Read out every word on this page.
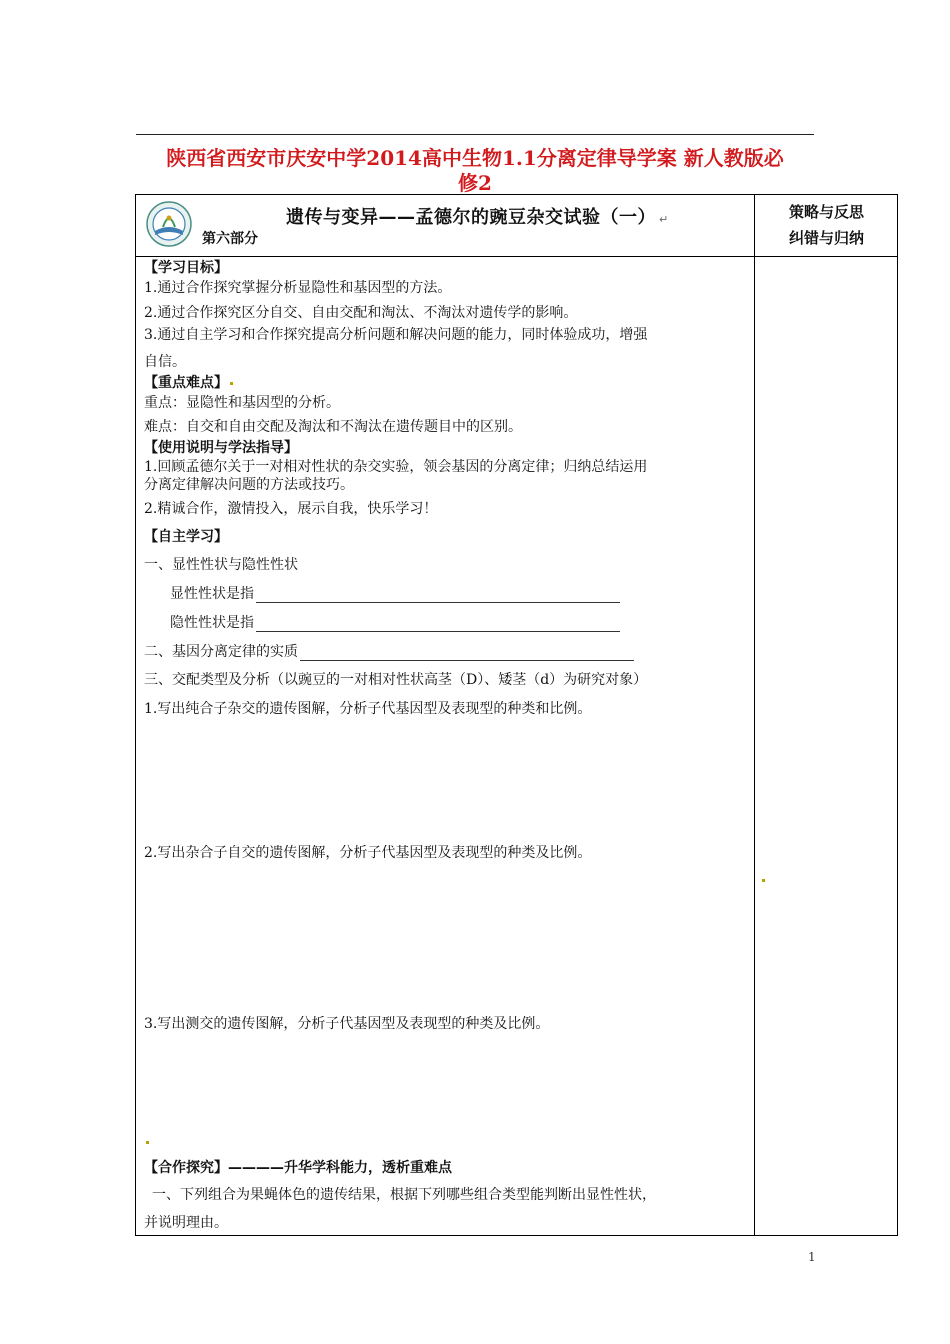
陕西省西安市庆安中学2014高中生物1.1分离定律导学案 新人教版必
修2
遗传与变异——孟德尔的豌豆杂交试验（一） ↵
第六部分
策略与反思
纠错与归纳
【学习目标】
1.通过合作探究掌握分析显隐性和基因型的方法。
2.通过合作探究区分自交、自由交配和淘汰、不淘汰对遗传学的影响。
3.通过自主学习和合作探究提高分析问题和解决问题的能力，同时体验成功，增强
自信。
【重点难点】
重点：显隐性和基因型的分析。
难点：自交和自由交配及淘汰和不淘汰在遗传题目中的区别。
【使用说明与学法指导】
1.回顾孟德尔关于一对相对性状的杂交实验，领会基因的分离定律；归纳总结运用
分离定律解决问题的方法或技巧。
2.精诚合作，激情投入，展示自我，快乐学习！
【自主学习】
一、显性性状与隐性性状
显性性状是指
隐性性状是指
二、基因分离定律的实质
三、交配类型及分析（以豌豆的一对相对性状高茎（D）、矮茎（d）为研究对象）
1.写出纯合子杂交的遗传图解，分析子代基因型及表现型的种类和比例。
2.写出杂合子自交的遗传图解，分析子代基因型及表现型的种类及比例。
3.写出测交的遗传图解，分析子代基因型及表现型的种类及比例。
【合作探究】————升华学科能力，透析重难点
一、下列组合为果蝇体色的遗传结果，根据下列哪些组合类型能判断出显性性状，
并说明理由。
1
